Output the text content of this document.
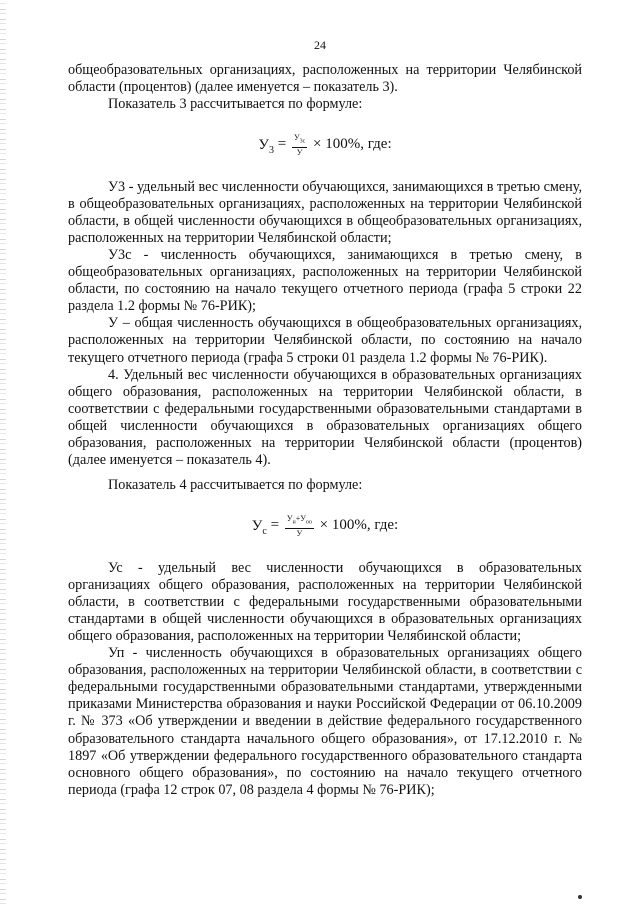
24

общеобразовательных организациях, расположенных на территории Челябинской области (процентов) (далее именуется – показатель 3).

Показатель 3 рассчитывается по формуле:

$У_3 = \frac{У_{3с}}{У} \times 100\%$, где:

У3 - удельный вес численности обучающихся, занимающихся в третью смену, в общеобразовательных организациях, расположенных на территории Челябинской области, в общей численности обучающихся в общеобразовательных организациях, расположенных на территории Челябинской области;

У3с - численность обучающихся, занимающихся в третью смену, в общеобразовательных организациях, расположенных на территории Челябинской области, по состоянию на начало текущего отчетного периода (графа 5 строки 22 раздела 1.2 формы № 76-РИК);

У – общая численность обучающихся в общеобразовательных организациях, расположенных на территории Челябинской области, по состоянию на начало текущего отчетного периода (графа 5 строки 01 раздела 1.2 формы № 76-РИК).

4. Удельный вес численности обучающихся в образовательных организациях общего образования, расположенных на территории Челябинской области, в соответствии с федеральными государственными образовательными стандартами в общей численности обучающихся в образовательных организациях общего образования, расположенных на территории Челябинской области (процентов) (далее именуется – показатель 4).

Показатель 4 рассчитывается по формуле:

$У_с = \frac{У_н+У_{оо}}{У} \times 100\%$, где:

Ус - удельный вес численности обучающихся в образовательных организациях общего образования, расположенных на территории Челябинской области, в соответствии с федеральными государственными образовательными стандартами в общей численности обучающихся в образовательных организациях общего образования, расположенных на территории Челябинской области;

Уп - численность обучающихся в образовательных организациях общего образования, расположенных на территории Челябинской области, в соответствии с федеральными государственными образовательными стандартами, утвержденными приказами Министерства образования и науки Российской Федерации от 06.10.2009 г. № 373 «Об утверждении и введении в действие федерального государственного образовательного стандарта начального общего образования», от 17.12.2010 г. № 1897 «Об утверждении федерального государственного образовательного стандарта основного общего образования», по состоянию на начало текущего отчетного периода (графа 12 строк 07, 08 раздела 4 формы № 76-РИК);
